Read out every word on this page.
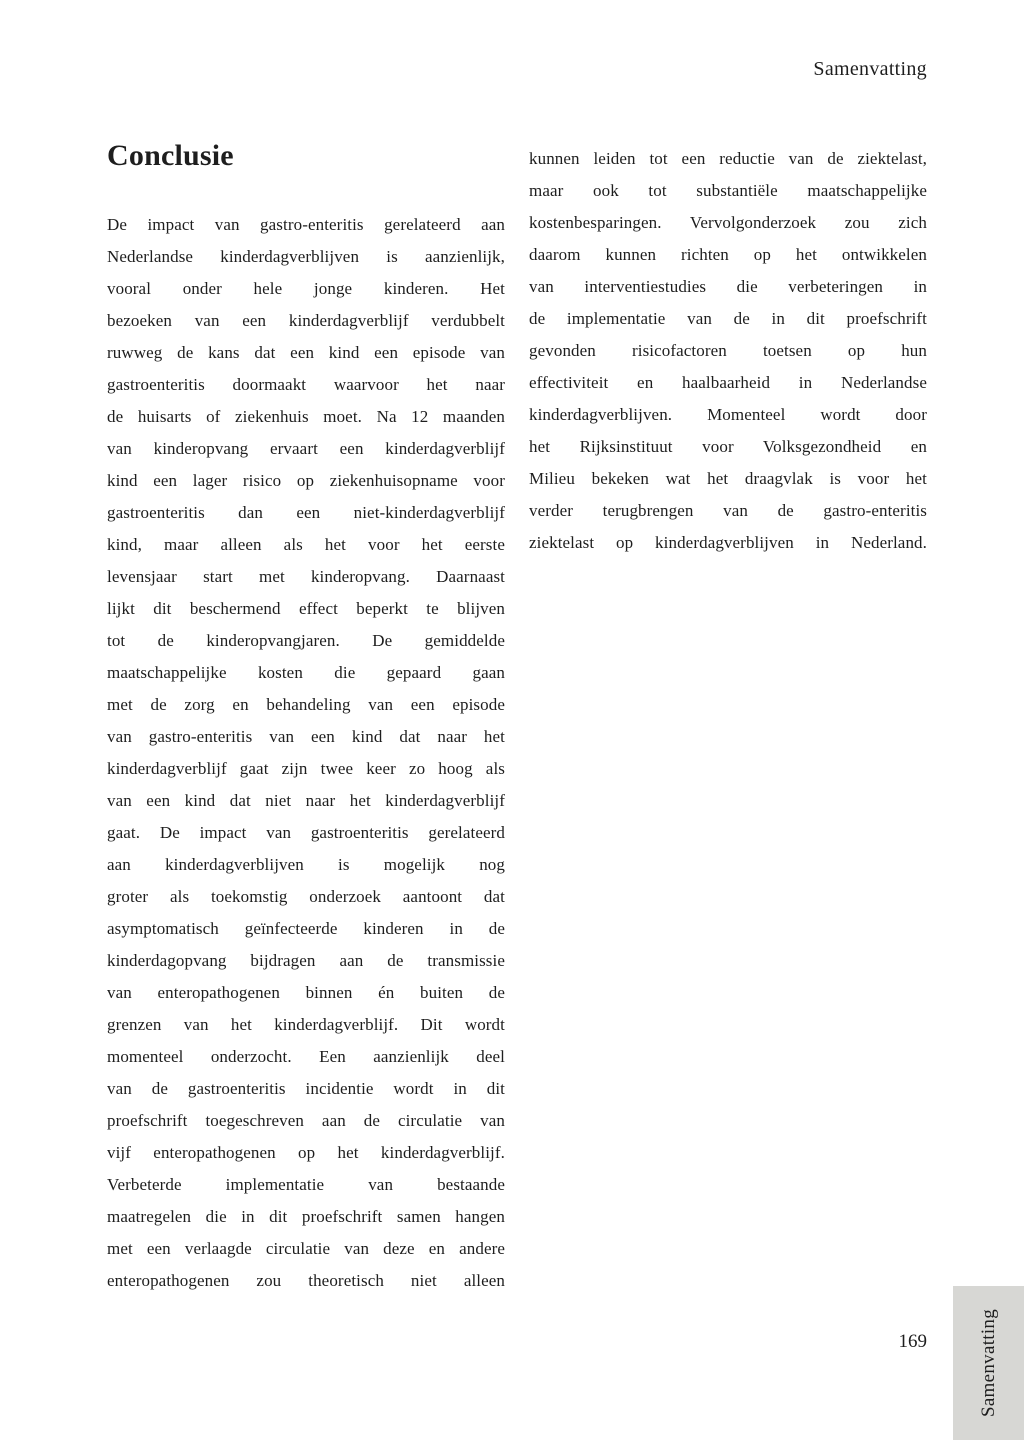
Samenvatting
Conclusie
De impact van gastro-enteritis gerelateerd aan
Nederlandse kinderdagverblijven is aanzienlijk,
vooral onder hele jonge kinderen. Het
bezoeken van een kinderdagverblijf verdubbelt
ruwweg de kans dat een kind een episode van
gastroenteritis doormaakt waarvoor het naar
de huisarts of ziekenhuis moet. Na 12 maanden
van kinderopvang ervaart een kinderdagverblijf
kind een lager risico op ziekenhuisopname voor
gastroenteritis dan een niet-kinderdagverblijf
kind, maar alleen als het voor het eerste
levensjaar start met kinderopvang. Daarnaast
lijkt dit beschermend effect beperkt te blijven
tot de kinderopvangjaren. De gemiddelde
maatschappelijke kosten die gepaard gaan
met de zorg en behandeling van een episode
van gastro-enteritis van een kind dat naar het
kinderdagverblijf gaat zijn twee keer zo hoog als
van een kind dat niet naar het kinderdagverblijf
gaat. De impact van gastroenteritis gerelateerd
aan kinderdagverblijven is mogelijk nog
groter als toekomstig onderzoek aantoont dat
asymptomatisch geïnfecteerde kinderen in de
kinderdagopvang bijdragen aan de transmissie
van enteropathogenen binnen én buiten de
grenzen van het kinderdagverblijf. Dit wordt
momenteel onderzocht. Een aanzienlijk deel
van de gastroenteritis incidentie wordt in dit
proefschrift toegeschreven aan de circulatie van
vijf enteropathogenen op het kinderdagverblijf.
Verbeterde implementatie van bestaande
maatregelen die in dit proefschrift samen hangen
met een verlaagde circulatie van deze en andere
enteropathogenen zou theoretisch niet alleen
kunnen leiden tot een reductie van de ziektelast,
maar ook tot substantiële maatschappelijke
kostenbesparingen. Vervolgonderzoek zou zich
daarom kunnen richten op het ontwikkelen
van interventiestudies die verbeteringen in
de implementatie van de in dit proefschrift
gevonden risicofactoren toetsen op hun
effectiviteit en haalbaarheid in Nederlandse
kinderdagverblijven. Momenteel wordt door
het Rijksinstituut voor Volksgezondheid en
Milieu bekeken wat het draagvlak is voor het
verder terugbrengen van de gastro-enteritis
ziektelast op kinderdagverblijven in Nederland.
169	Samenvatting
